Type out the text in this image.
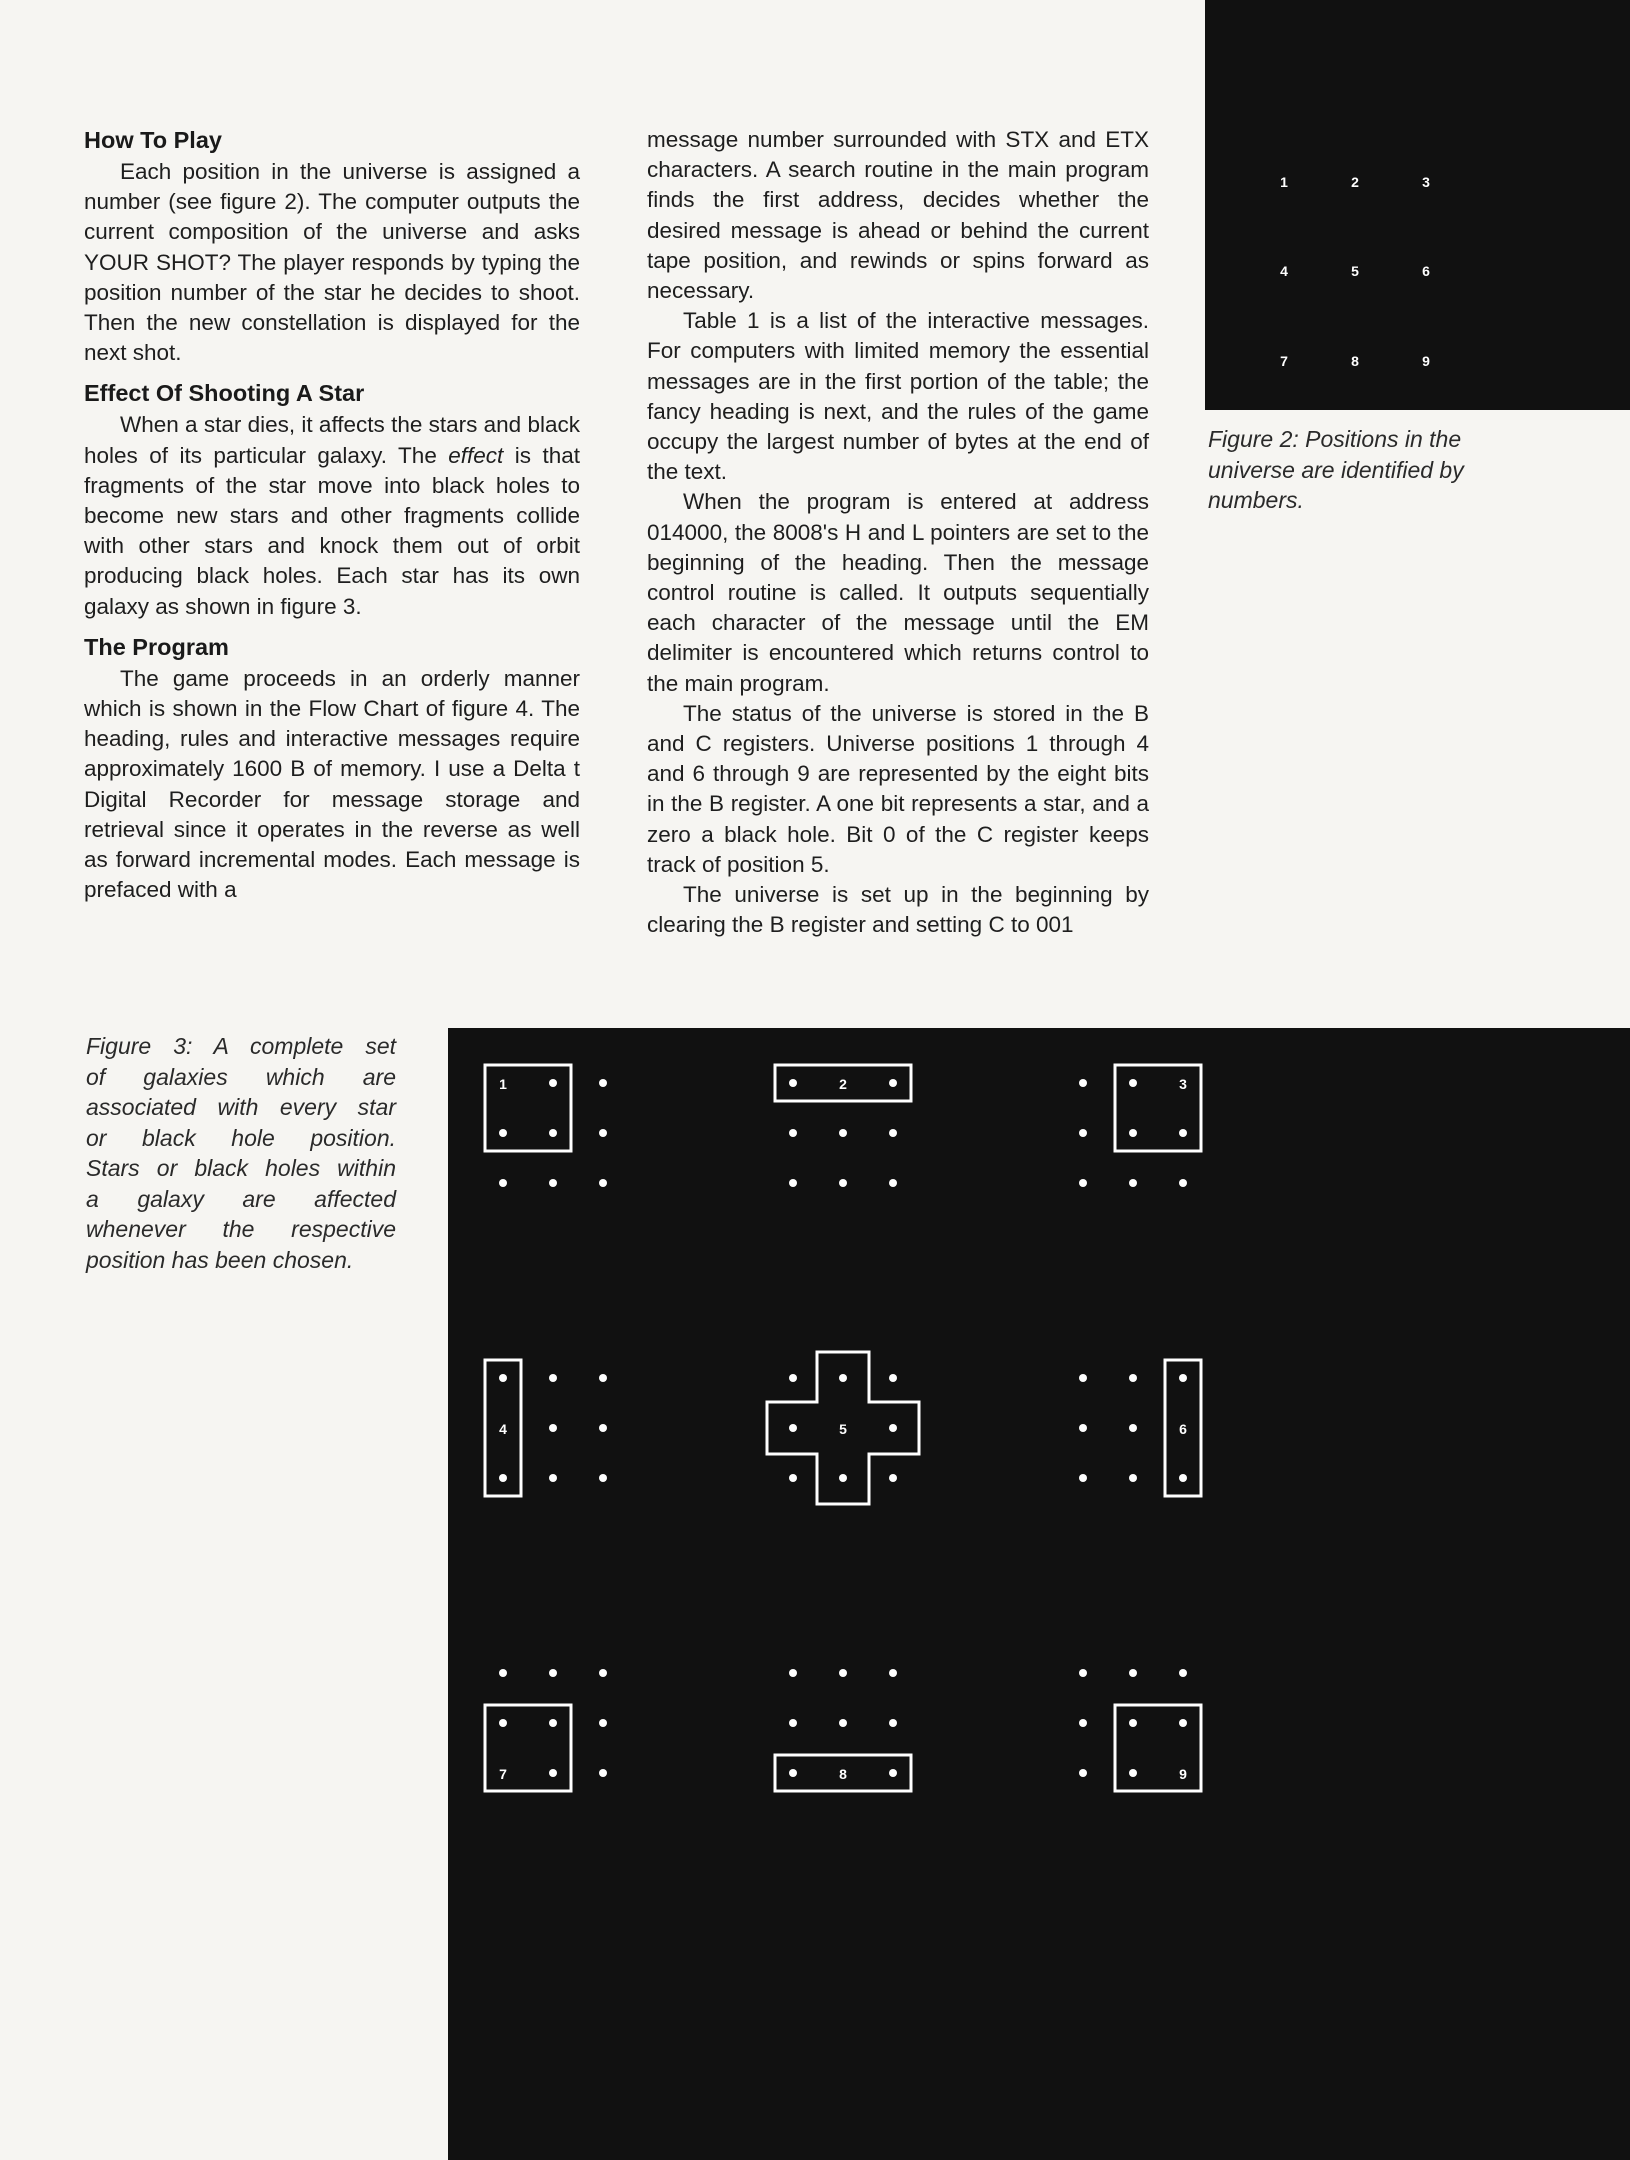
1	2	3
4	5	6
7	8	9
Figure 2: Positions in the
universe are identified by
numbers.
How To Play

Each position in the universe is assigned a number (see figure 2). The computer outputs the current composition of the universe and asks YOUR SHOT? The player responds by typing the position number of the star he decides to shoot. Then the new constellation is displayed for the next shot.

Effect Of Shooting A Star

When a star dies, it affects the stars and black holes of its particular galaxy. The effect is that fragments of the star move into black holes to become new stars and other fragments collide with other stars and knock them out of orbit producing black holes. Each star has its own galaxy as shown in figure 3.

The Program

The game proceeds in an orderly manner which is shown in the Flow Chart of figure 4. The heading, rules and interactive messages require approximately 1600 B of memory. I use a Delta t Digital Recorder for message storage and retrieval since it operates in the reverse as well as forward incremental modes. Each message is prefaced with a

message number surrounded with STX and ETX characters. A search routine in the main program finds the first address, decides whether the desired message is ahead or behind the current tape position, and rewinds or spins forward as necessary.

Table 1 is a list of the interactive messages. For computers with limited memory the essential messages are in the first portion of the table; the fancy heading is next, and the rules of the game occupy the largest number of bytes at the end of the text.

When the program is entered at address 014000, the 8008's H and L pointers are set to the beginning of the heading. Then the message control routine is called. It outputs sequentially each character of the message until the EM delimiter is encountered which returns control to the main program.

The status of the universe is stored in the B and C registers. Universe positions 1 through 4 and 6 through 9 are represented by the eight bits in the B register. A one bit represents a star, and a zero a black hole. Bit 0 of the C register keeps track of position 5.

The universe is set up in the beginning by clearing the B register and setting C to 001

Figure 3: A complete set
of galaxies which are
associated with every star
or black hole position.
Stars or black holes within
a galaxy are affected
whenever the respective
position has been chosen.
1	2	3
4	5	6
7	8	9
